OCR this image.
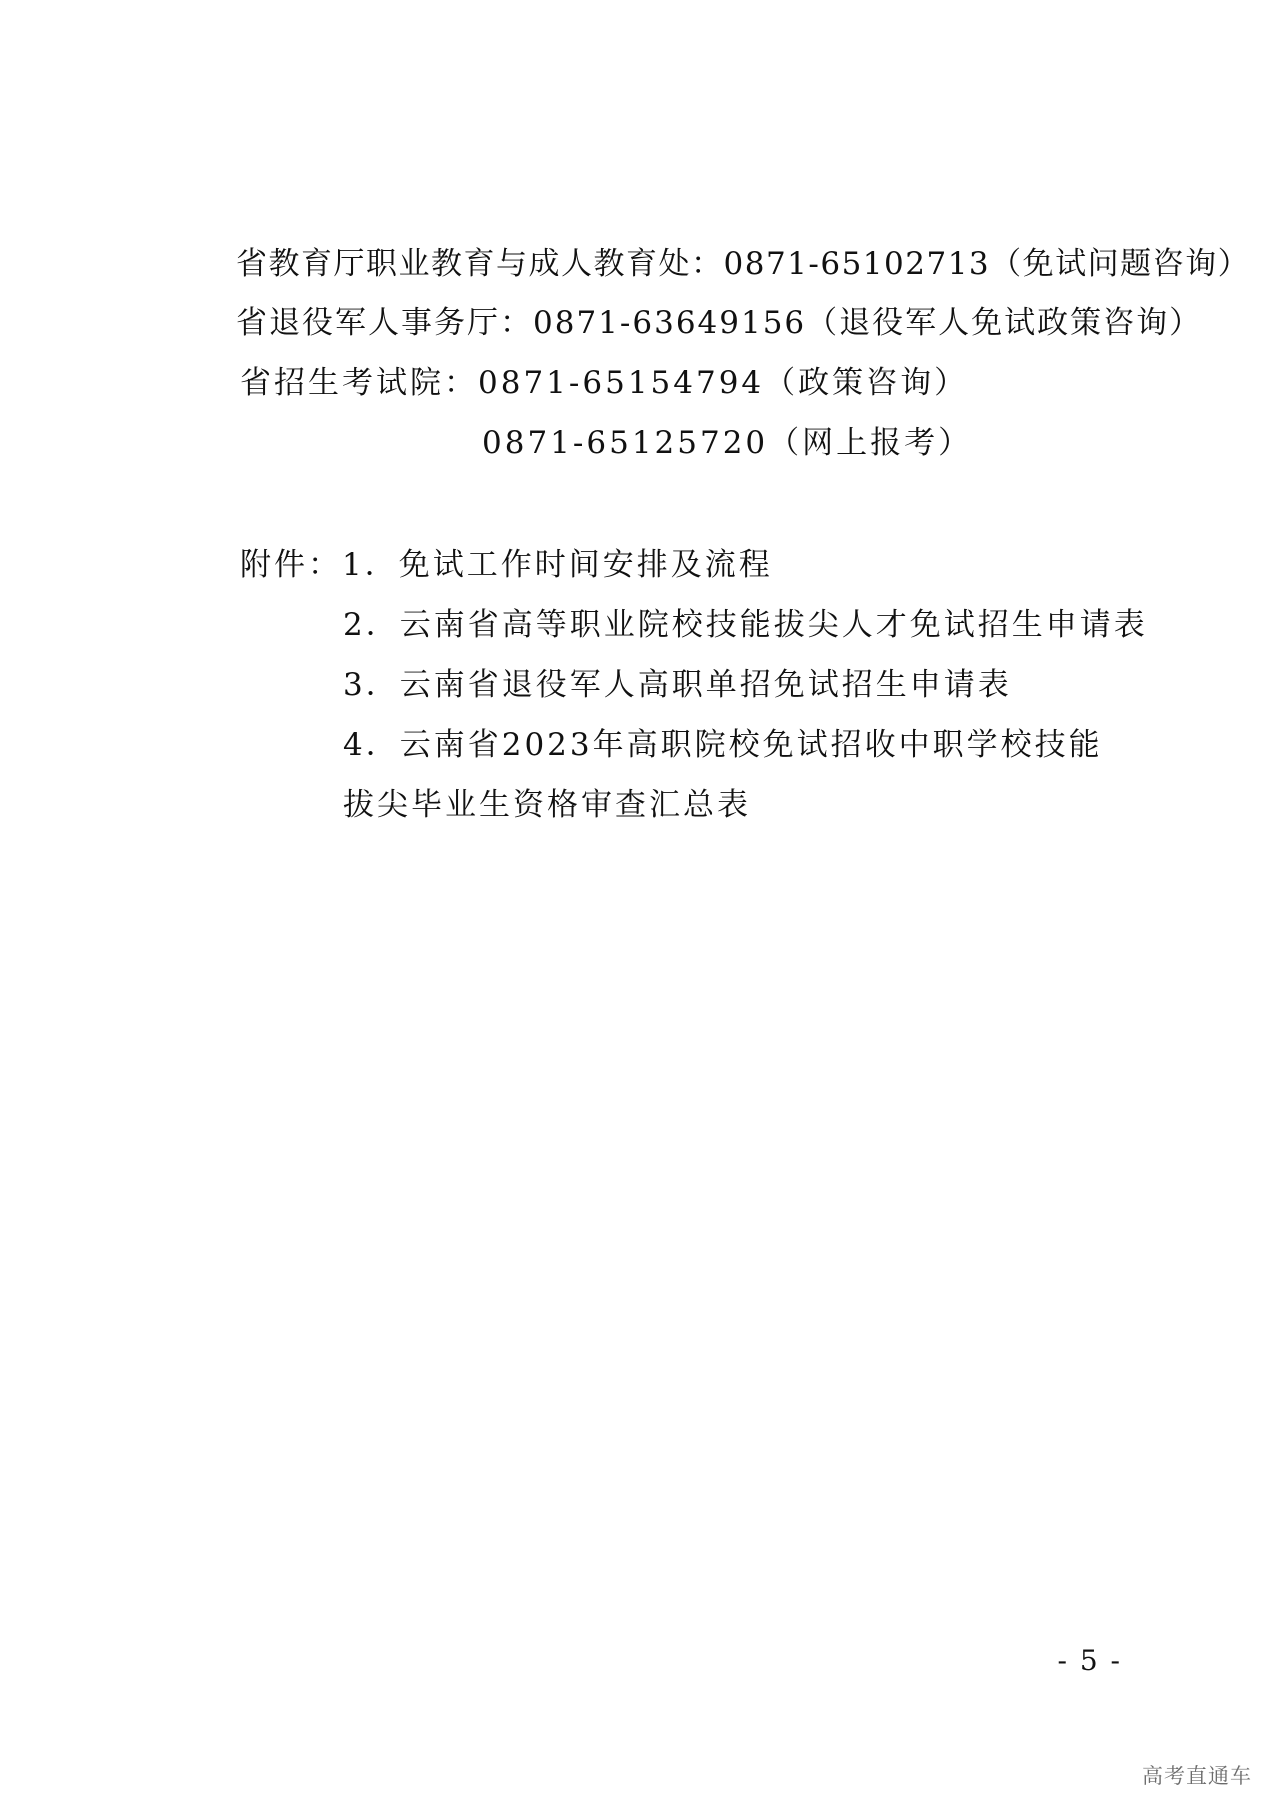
省教育厅职业教育与成人教育处：0871-65102713（免试问题咨询）
省退役军人事务厅：0871-63649156（退役军人免试政策咨询）
省招生考试院：0871-65154794（政策咨询）
0871-65125720（网上报考）
附件：1．免试工作时间安排及流程
2．云南省高等职业院校技能拔尖人才免试招生申请表
3．云南省退役军人高职单招免试招生申请表
4．云南省2023年高职院校免试招收中职学校技能
拔尖毕业生资格审查汇总表
- 5 -
高考直通车
